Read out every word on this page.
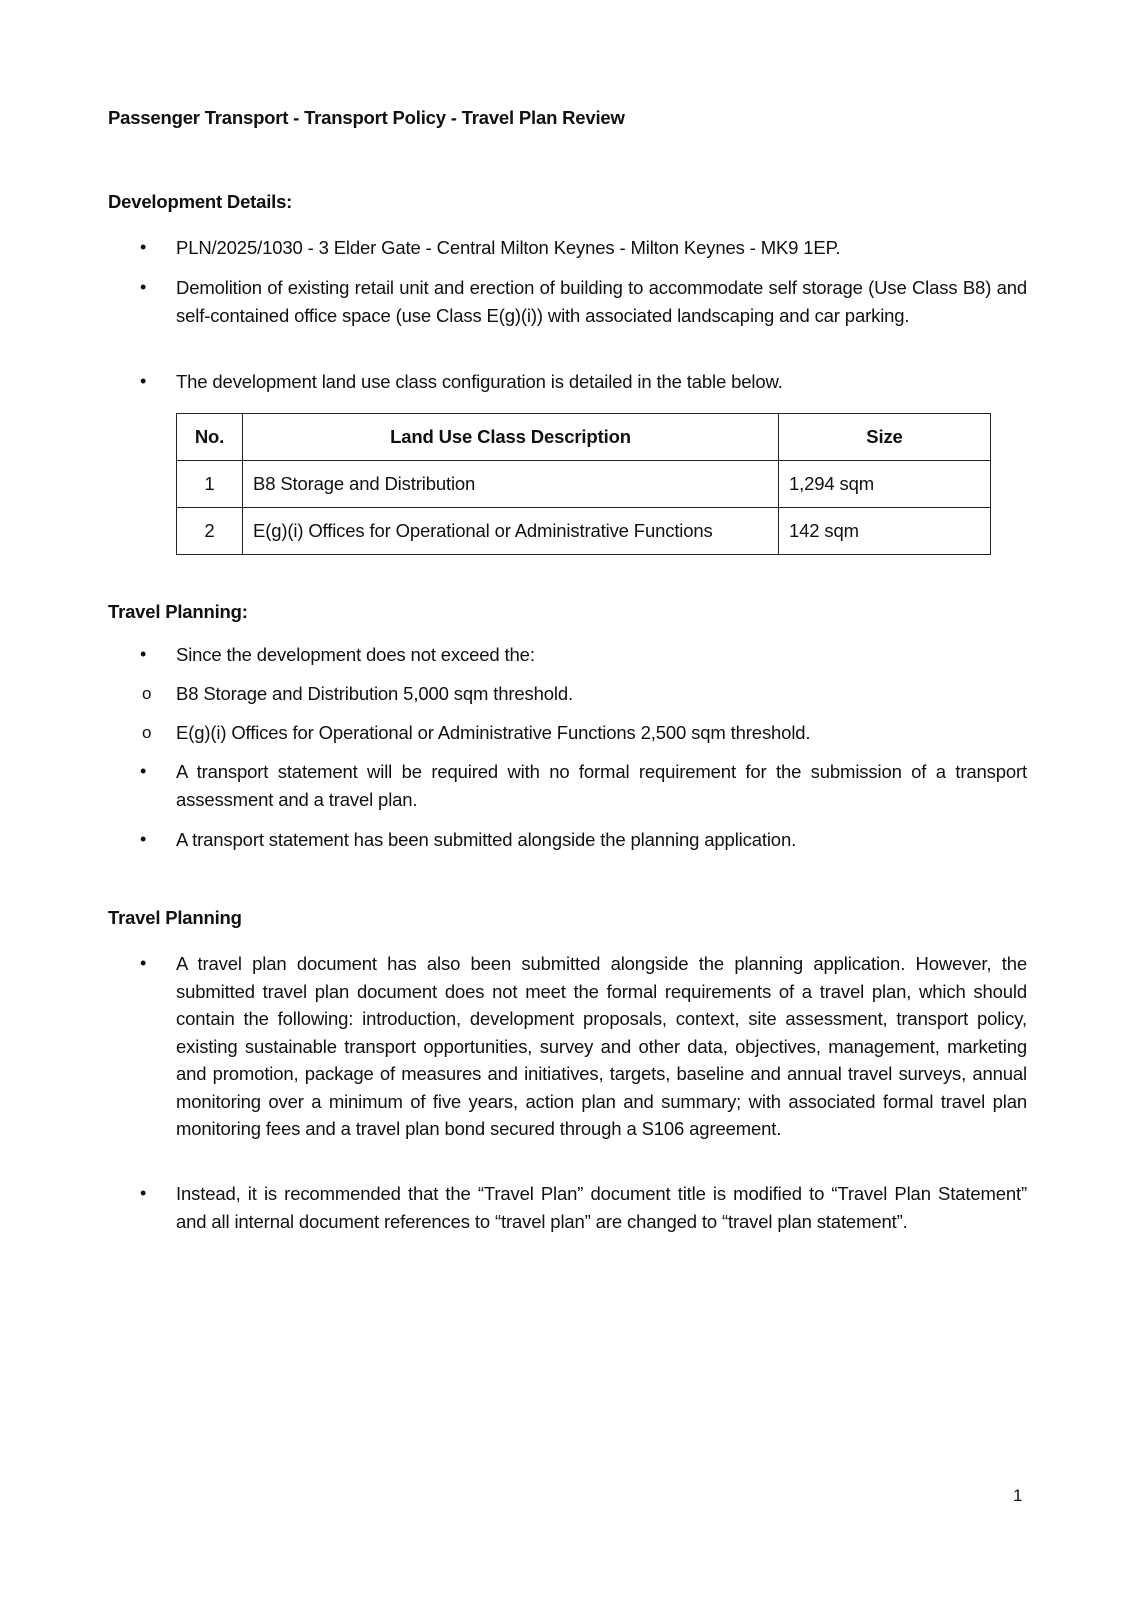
Passenger Transport - Transport Policy - Travel Plan Review
Development Details:
• PLN/2025/1030 - 3 Elder Gate - Central Milton Keynes - Milton Keynes - MK9 1EP.
• Demolition of existing retail unit and erection of building to accommodate self storage (Use Class B8) and self-contained office space (use Class E(g)(i)) with associated landscaping and car parking.
• The development land use class configuration is detailed in the table below.
No.	Land Use Class Description	Size
1	B8 Storage and Distribution	1,294 sqm
2	E(g)(i) Offices for Operational or Administrative Functions	142 sqm
Travel Planning:
• Since the development does not exceed the:
o B8 Storage and Distribution 5,000 sqm threshold.
o E(g)(i) Offices for Operational or Administrative Functions 2,500 sqm threshold.
• A transport statement will be required with no formal requirement for the submission of a transport assessment and a travel plan.
• A transport statement has been submitted alongside the planning application.
Travel Planning
• A travel plan document has also been submitted alongside the planning application. However, the submitted travel plan document does not meet the formal requirements of a travel plan, which should contain the following: introduction, development proposals, context, site assessment, transport policy, existing sustainable transport opportunities, survey and other data, objectives, management, marketing and promotion, package of measures and initiatives, targets, baseline and annual travel surveys, annual monitoring over a minimum of five years, action plan and summary; with associated formal travel plan monitoring fees and a travel plan bond secured through a S106 agreement.
• Instead, it is recommended that the “Travel Plan” document title is modified to “Travel Plan Statement” and all internal document references to “travel plan” are changed to “travel plan statement”.
1
